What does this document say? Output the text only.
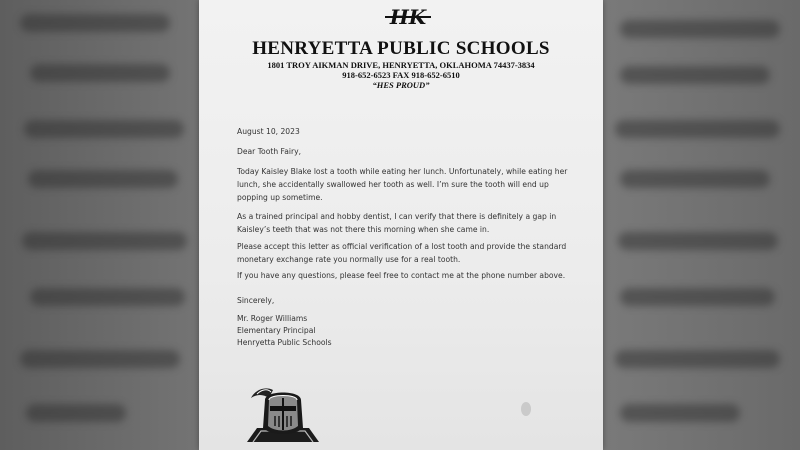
HK
HENRYETTA PUBLIC SCHOOLS
1801 TROY AIKMAN DRIVE, HENRYETTA, OKLAHOMA 74437-3834
918-652-6523 FAX 918-652-6510
“HES PROUD”
August 10, 2023
Dear Tooth Fairy,
Today Kaisley Blake lost a tooth while eating her lunch. Unfortunately, while eating her lunch, she accidentally swallowed her tooth as well. I’m sure the tooth will end up popping up sometime.
As a trained principal and hobby dentist, I can verify that there is definitely a gap in Kaisley’s teeth that was not there this morning when she came in.
Please accept this letter as official verification of a lost tooth and provide the standard monetary exchange rate you normally use for a real tooth.
If you have any questions, please feel free to contact me at the phone number above.
Sincerely,
Mr. Roger Williams
Elementary Principal
Henryetta Public Schools
